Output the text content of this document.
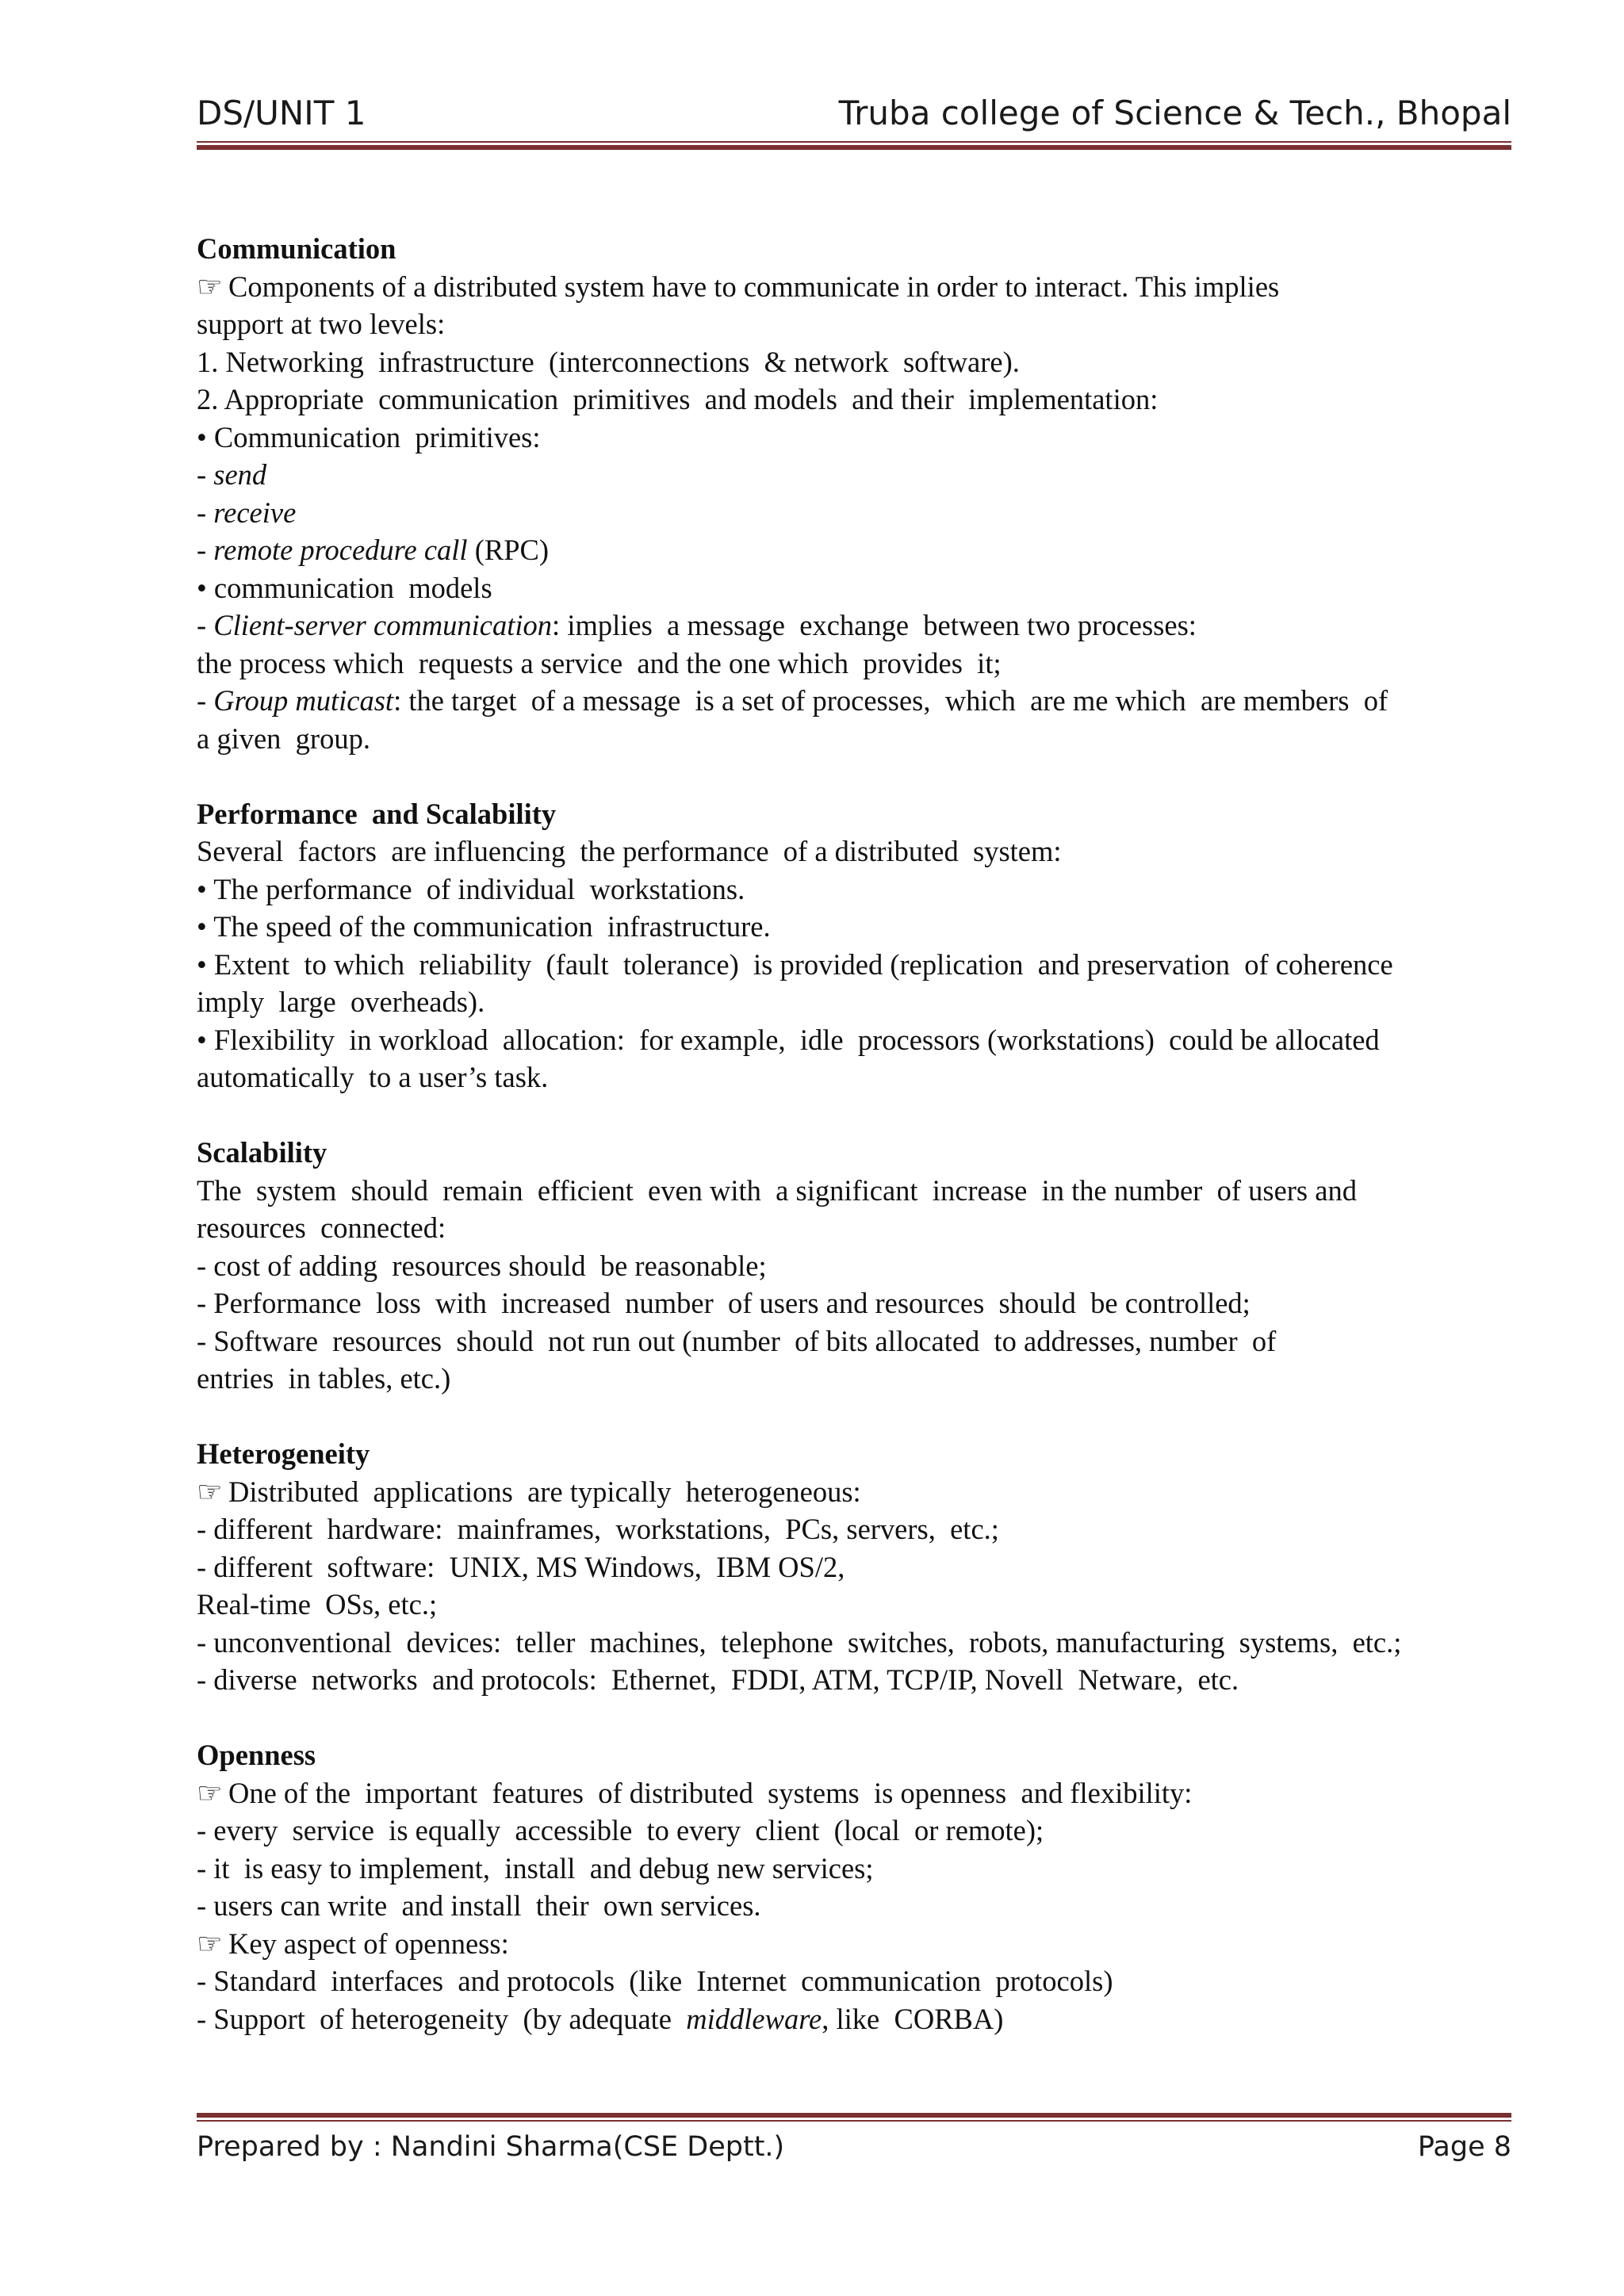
DS/UNIT 1	Truba college of Science & Tech., Bhopal
Communication
☞ Components of a distributed system have to communicate in order to interact. This implies
support at two levels:
1. Networking  infrastructure  (interconnections  & network  software).
2. Appropriate  communication  primitives  and models  and their  implementation:
• Communication  primitives:
- send
- receive
- remote procedure call (RPC)
• communication  models
- Client-server communication: implies  a message  exchange  between two processes:
the process which  requests a service  and the one which  provides  it;
- Group muticast: the target  of a message  is a set of processes,  which  are me which  are members  of
a given  group.
Performance  and Scalability
Several  factors  are influencing  the performance  of a distributed  system:
• The performance  of individual  workstations.
• The speed of the communication  infrastructure.
• Extent  to which  reliability  (fault  tolerance)  is provided (replication  and preservation  of coherence
imply  large  overheads).
• Flexibility  in workload  allocation:  for example,  idle  processors (workstations)  could be allocated
automatically  to a user’s task.
Scalability
The  system  should  remain  efficient  even with  a significant  increase  in the number  of users and
resources  connected:
- cost of adding  resources should  be reasonable;
- Performance  loss  with  increased  number  of users and resources  should  be controlled;
- Software  resources  should  not run out (number  of bits allocated  to addresses, number  of
entries  in tables, etc.)
Heterogeneity
☞ Distributed  applications  are typically  heterogeneous:
- different  hardware:  mainframes,  workstations,  PCs, servers,  etc.;
- different  software:  UNIX, MS Windows,  IBM OS/2,
Real-time  OSs, etc.;
- unconventional  devices:  teller  machines,  telephone  switches,  robots, manufacturing  systems,  etc.;
- diverse  networks  and protocols:  Ethernet,  FDDI, ATM, TCP/IP, Novell  Netware,  etc.
Openness
☞ One of the  important  features  of distributed  systems  is openness  and flexibility:
- every  service  is equally  accessible  to every  client  (local  or remote);
- it  is easy to implement,  install  and debug new services;
- users can write  and install  their  own services.
☞ Key aspect of openness:
- Standard  interfaces  and protocols  (like  Internet  communication  protocols)
- Support  of heterogeneity  (by adequate  middleware, like  CORBA)
Prepared by : Nandini Sharma(CSE Deptt.)	Page 8
